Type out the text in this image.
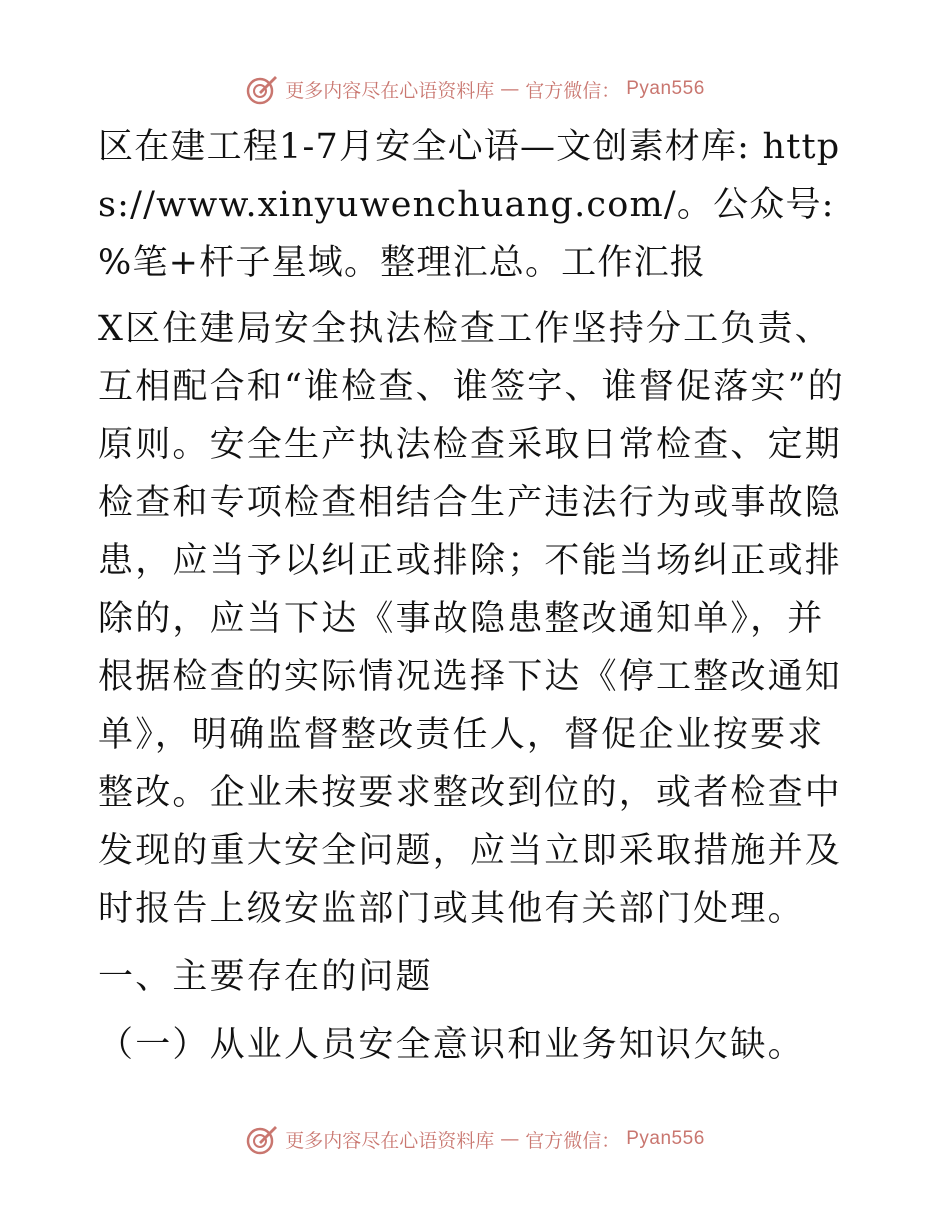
更多内容尽在心语资料库 — 官方微信： Pyan556

区在建工程1-7月安全心语—文创素材库: https://www.xinyuwenchuang.com/。公众号: %笔+杆子星域。整理汇总。工作汇报

X区住建局安全执法检查工作坚持分工负责、互相配合和“谁检查、谁签字、谁督促落实”的原则。安全生产执法检查采取日常检查、定期检查和专项检查相结合生产违法行为或事故隐患，应当予以纠正或排除；不能当场纠正或排除的，应当下达《事故隐患整改通知单》，并根据检查的实际情况选择下达《停工整改通知单》，明确监督整改责任人，督促企业按要求整改。企业未按要求整改到位的，或者检查中发现的重大安全问题，应当立即采取措施并及时报告上级安监部门或其他有关部门处理。

一、主要存在的问题

（一）从业人员安全意识和业务知识欠缺。

更多内容尽在心语资料库 — 官方微信： Pyan556
